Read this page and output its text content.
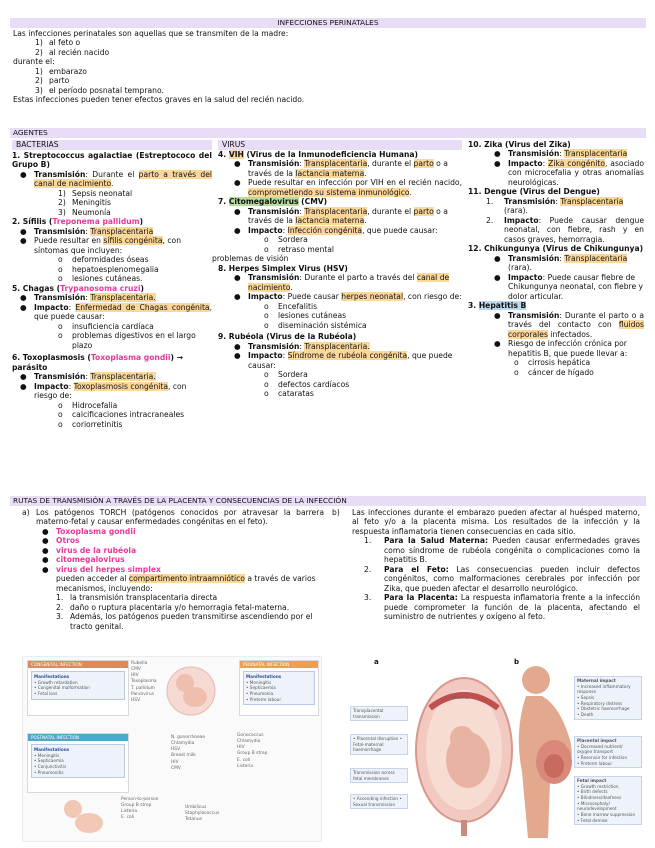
INFECCIONES PERINATALES
Las infecciones perinatales son aquellas que se transmiten de la madre:
1) al feto o
2) al recién nacido
durante el:
1) embarazo
2) parto
3) el período posnatal temprano.
Estas infecciones pueden tener efectos graves en la salud del recién nacido.
AGENTES
BACTERIAS
1. Streptococcus agalactiae (Estreptococo del Grupo B)
● Transmisión: Durante el parto a través del canal de nacimiento.
1) Sepsis neonatal
2) Meningitis
3) Neumonía
2. Sífilis (Treponema pallidum)
● Transmisión: Transplacentaria
● Puede resultar en sífilis congénita, con síntomas que incluyen:
o deformidades óseas
o hepatoesplenomegalia
o lesiones cutáneas.
5. Chagas (Trypanosoma cruzi)
● Transmisión: Transplacentaria.
● Impacto: Enfermedad de Chagas congénita, que puede causar:
o insuficiencia cardíaca
o problemas digestivos en el largo plazo
6. Toxoplasmosis (Toxoplasma gondii) → parásito
● Transmisión: Transplacentaria.
● Impacto: Toxoplasmosis congénita, con riesgo de:
o Hidrocefalia
o calcificaciones intracraneales
o coriorretinitis
VIRUS
4. VIH (Virus de la Inmunodeficiencia Humana)
● Transmisión: Transplacentaria, durante el parto o a través de la lactancia materna.
● Puede resultar en infección por VIH en el recién nacido, comprometiendo su sistema inmunológico.
7. Citomegalovirus (CMV)
● Transmisión: Transplacentaria, durante el parto o a través de la lactancia materna.
● Impacto: Infección congénita, que puede causar:
o Sordera
o retraso mental
problemas de visión
8. Herpes Simplex Virus (HSV)
● Transmisión: Durante el parto a través del canal de nacimiento.
● Impacto: Puede causar herpes neonatal, con riesgo de:
o Encefalitis
o lesiones cutáneas
o diseminación sistémica
9. Rubéola (Virus de la Rubéola)
● Transmisión: Transplacentaria.
● Impacto: Síndrome de rubéola congénita, que puede causar:
o Sordera
o defectos cardíacos
o cataratas
10. Zika (Virus del Zika)
● Transmisión: Transplacentaria
● Impacto: Zika congénito, asociado con microcefalia y otras anomalías neurológicas.
11. Dengue (Virus del Dengue)
1. Transmisión: Transplacentaria (rara).
2. Impacto: Puede causar dengue neonatal, con fiebre, rash y en casos graves, hemorragia.
12. Chikungunya (Virus de Chikungunya)
● Transmisión: Transplacentaria (rara).
● Impacto: Puede causar fiebre de Chikungunya neonatal, con fiebre y dolor articular.
3. Hepatitis B
● Transmisión: Durante el parto o a través del contacto con fluidos corporales infectados.
● Riesgo de infección crónica por hepatitis B, que puede llevar a:
o cirrosis hepática
o cáncer de hígado
RUTAS DE TRANSMISIÓN A TRAVÉS DE LA PLACENTA Y CONSECUENCIAS DE LA INFECCIÓN
a) Los patógenos TORCH (patógenos conocidos por atravesar la barrera materno-fetal y causar enfermedades congénitas en el feto).
● Toxoplasma gondii
● Otros
● virus de la rubéola
● citomegalovirus
● virus del herpes simplex
pueden acceder al compartimento intraamniótico a través de varios mecanismos, incluyendo:
1. la transmisión transplacentaria directa
2. daño o ruptura placentaria y/o hemorragia fetal-materna.
3. Además, los patógenos pueden transmitirse ascendiendo por el tracto genital.
b) Las infecciones durante el embarazo pueden afectar al huésped materno, al feto y/o a la placenta misma. Los resultados de la infección y la respuesta inflamatoria tienen consecuencias en cada sitio.
1. Para la Salud Materna: Pueden causar enfermedades graves como síndrome de rubéola congénita o complicaciones como la hepatitis B.
2. Para el Feto: Las consecuencias pueden incluir defectos congénitos, como malformaciones cerebrales por infección por Zika, que pueden afectar el desarrollo neurológico.
3. Para la Placenta: La respuesta inflamatoria frente a la infección puede comprometer la función de la placenta, afectando el suministro de nutrientes y oxígeno al feto.
CONGENITAL INFECTION
Manifestations
• Growth retardation
• Congenital malformation
• Fetal loss
Rubella
CMV
HIV
Toxoplasma
T. pallidum
Parvovirus
HSV
PERINATAL INFECTION
Manifestations
• Meningitis
• Septicaemia
• Pneumonia
• Preterm labour
POSTNATAL INFECTION
Manifestations
• Meningitis
• Septicaemia
• Conjunctivitis
• Pneumonitis
N. gonorrhoeae
Chlamydia
HSV
Breast milk
HIV
CMV
Gonococcus
Chlamydia
HIV
Group B strep
E. coli
Listeria
Person-to-person
Group B strep
Listeria
E. coli
Umbilicus
Staphylococcus
Tetanus
a	b
Placenta
Transplacental transmission
• Placental disruption • Fetal-maternal haemorrhage
Transmission across fetal membranes
• Ascending infection • Sexual transmission
Maternal impact
• Increased inflammatory response
• Sepsis
• Respiratory distress
• Obstetric haemorrhage
• Death
Placental impact
• Decreased nutrient/ oxygen transport
• Reservoir for infection
• Preterm labour
Fetal impact
• Growth restriction
• Birth defects
• Blindness/deafness
• Microcephaly/ neurodevelopment
• Bone marrow suppression
• Fetal demise
